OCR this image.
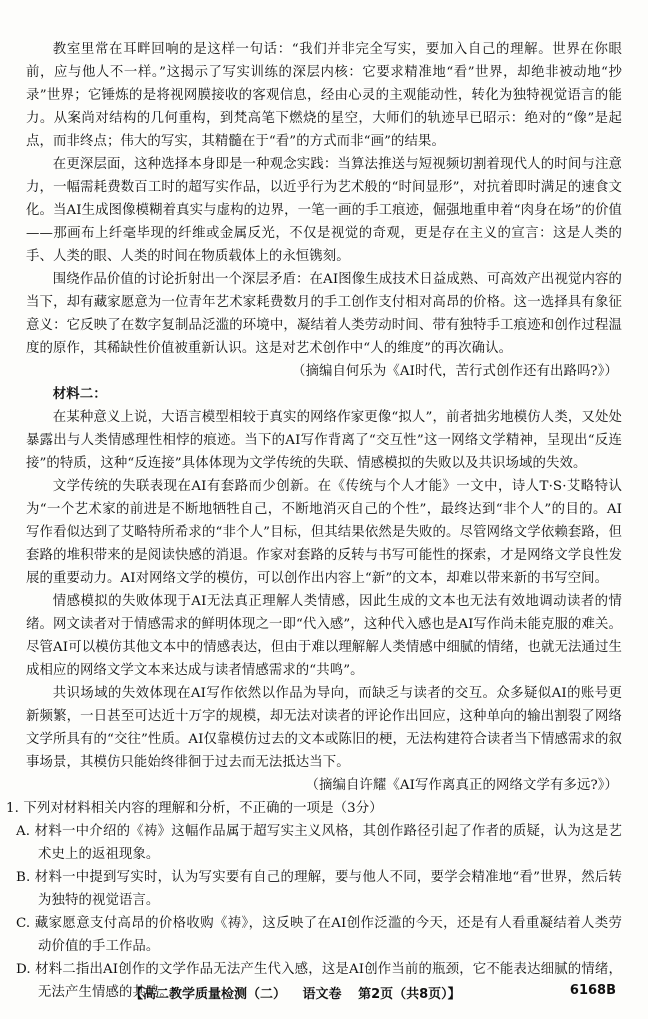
教室里常在耳畔回响的是这样一句话：“我们并非完全写实，要加入自己的理解。世界在你眼前，应与他人不一样。”这揭示了写实训练的深层内核：它要求精准地“看”世界，却绝非被动地“抄录”世界；它锤炼的是将视网膜接收的客观信息，经由心灵的主观能动性，转化为独特视觉语言的能力。从案尚对结构的几何重构，到梵高笔下燃烧的星空，大师们的轨迹早已昭示：绝对的“像”是起点，而非终点；伟大的写实，其精髓在于“看”的方式而非“画”的结果。

在更深层面，这种选择本身即是一种观念实践：当算法推送与短视频切割着现代人的时间与注意力，一幅需耗费数百工时的超写实作品，以近乎行为艺术般的“时间显形”，对抗着即时满足的速食文化。当AI生成图像模糊着真实与虚构的边界，一笔一画的手工痕迹，倔强地重申着“肉身在场”的价值——那画布上纤毫毕现的纤维或金属反光，不仅是视觉的奇观，更是存在主义的宣言：这是人类的手、人类的眼、人类的时间在物质载体上的永恒镌刻。

围绕作品价值的讨论折射出一个深层矛盾：在AI图像生成技术日益成熟、可高效产出视觉内容的当下，却有藏家愿意为一位青年艺术家耗费数月的手工创作支付相对高昂的价格。这一选择具有象征意义：它反映了在数字复制品泛滥的环境中，凝结着人类劳动时间、带有独特手工痕迹和创作过程温度的原作，其稀缺性价值被重新认识。这是对艺术创作中“人的维度”的再次确认。

（摘编自何乐为《AI时代，苦行式创作还有出路吗?》）

材料二：

在某种意义上说，大语言模型相较于真实的网络作家更像“拟人”，前者拙劣地模仿人类，又处处暴露出与人类情感理性相悖的痕迹。当下的AI写作背离了“交互性”这一网络文学精神，呈现出“反连接”的特质，这种“反连接”具体体现为文学传统的失联、情感模拟的失败以及共识场域的失效。

文学传统的失联表现在AI有套路而少创新。在《传统与个人才能》一文中，诗人T·S·艾略特认为“一个艺术家的前进是不断地牺牲自己，不断地消灭自己的个性”，最终达到“非个人”的目的。AI写作看似达到了艾略特所希求的“非个人”目标，但其结果依然是失败的。尽管网络文学依赖套路，但套路的堆积带来的是阅读快感的消退。作家对套路的反转与书写可能性的探索，才是网络文学良性发展的重要动力。AI对网络文学的模仿，可以创作出内容上“新”的文本，却难以带来新的书写空间。

情感模拟的失败体现于AI无法真正理解人类情感，因此生成的文本也无法有效地调动读者的情绪。网文读者对于情感需求的鲜明体现之一即“代入感”，这种代入感也是AI写作尚未能克服的难关。尽管AI可以模仿其他文本中的情感表达，但由于难以理解解人类情感中细腻的情绪，也就无法通过生成相应的网络文学文本来达成与读者情感需求的“共鸣”。

共识场域的失效体现在AI写作依然以作品为导向，而缺乏与读者的交互。众多疑似AI的账号更新频繁，一日甚至可达近十万字的规模，却无法对读者的评论作出回应，这种单向的输出割裂了网络文学所具有的“交往”性质。AI仅靠模仿过去的文本或陈旧的梗，无法构建符合读者当下情感需求的叙事场景，其模仿只能始终徘徊于过去而无法抵达当下。

（摘编自许耀《AI写作离真正的网络文学有多远?》）

1. 下列对材料相关内容的理解和分析，不正确的一项是（3分）

A. 材料一中介绍的《祷》这幅作品属于超写实主义风格，其创作路径引起了作者的质疑，认为这是艺术史上的返祖现象。

B. 材料一中提到写实时，认为写实要有自己的理解，要与他人不同，要学会精准地“看”世界，然后转为独特的视觉语言。

C. 藏家愿意支付高昂的价格收购《祷》，这反映了在AI创作泛滥的今天，还是有人看重凝结着人类劳动价值的手工作品。

D. 材料二指出AI创作的文学作品无法产生代入感，这是AI创作当前的瓶颈，它不能表达细腻的情绪，无法产生情感的共鸣。

【高二教学质量检测（二） 语文卷 第2页（共8页）】	6168B
